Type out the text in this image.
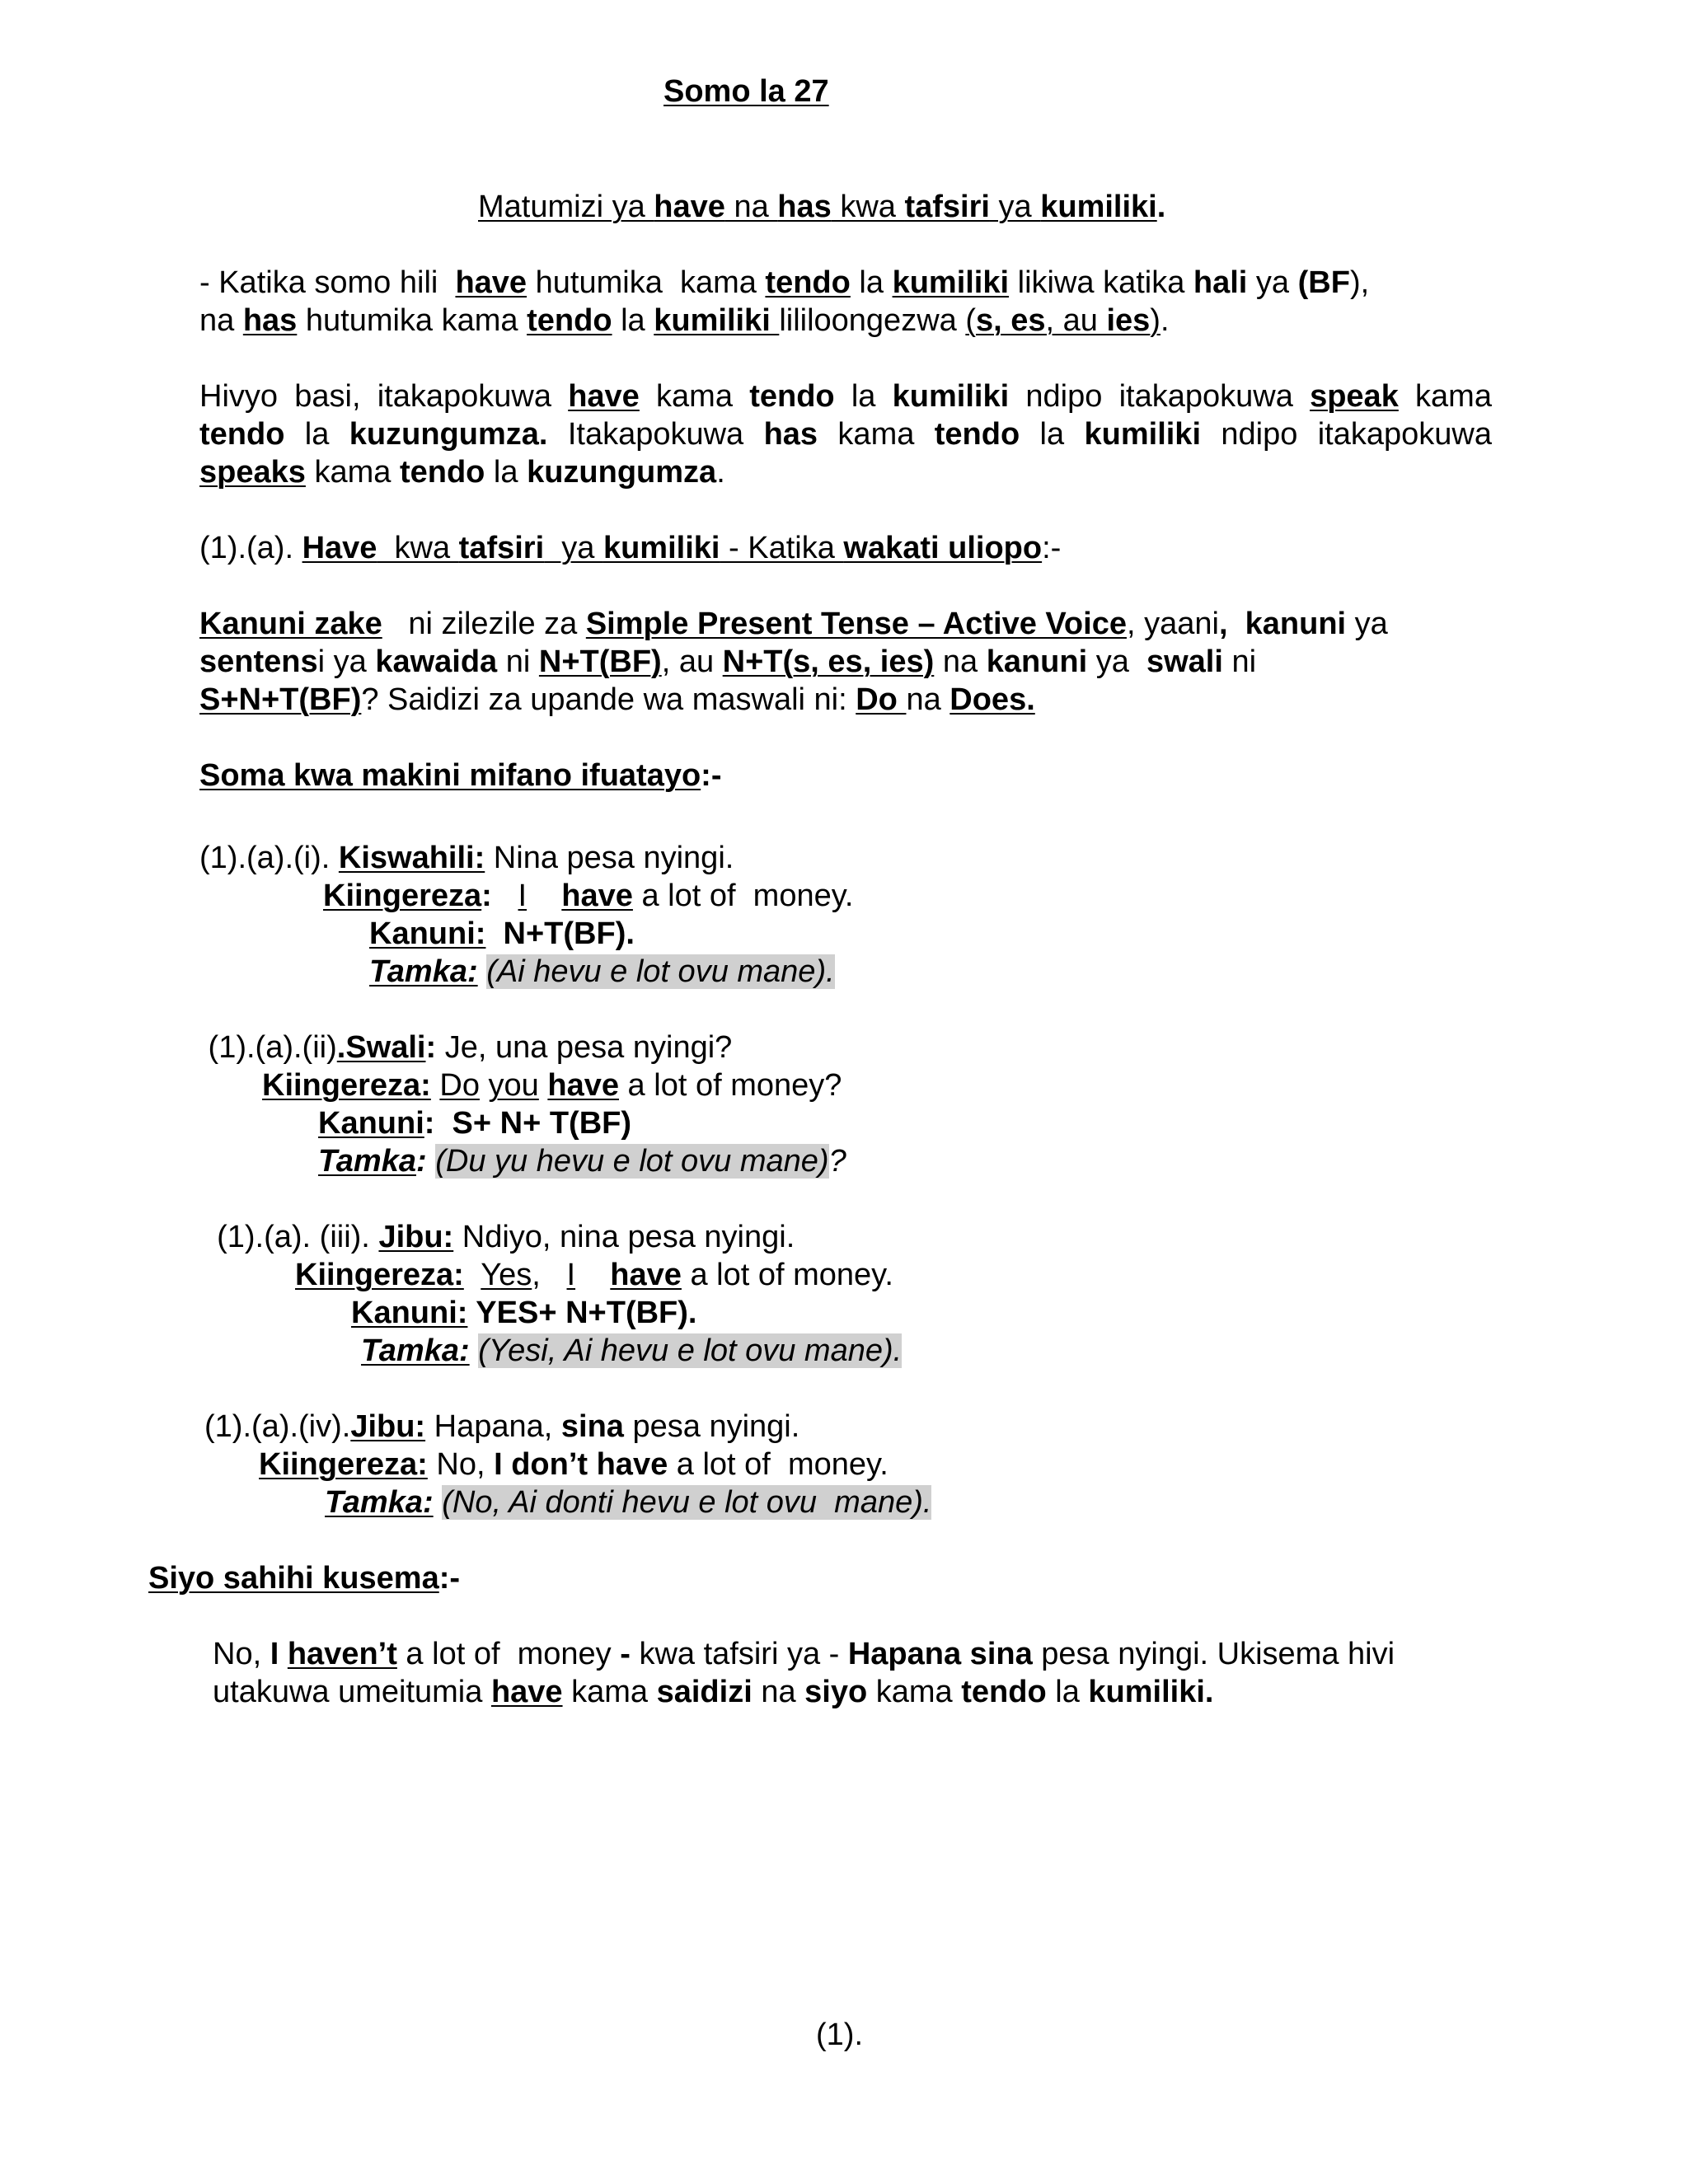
Somo la 27
Matumizi ya have na has kwa tafsiri ya kumiliki.
- Katika somo hili  have hutumika  kama tendo la kumiliki likiwa katika hali ya (BF),
na has hutumika kama tendo la kumiliki lililoongezwa (s, es, au ies).
Hivyo basi, itakapokuwa have kama tendo la kumiliki ndipo itakapokuwa speak kama
tendo la kuzungumza. Itakapokuwa has kama tendo la kumiliki ndipo itakapokuwa
speaks kama tendo la kuzungumza.
(1).(a). Have  kwa tafsiri  ya kumiliki - Katika wakati uliopo:-
Kanuni zake   ni zilezile za Simple Present Tense – Active Voice, yaani, kanuni ya
sentensi ya kawaida ni N+T(BF), au N+T(s, es, ies) na kanuni ya  swali ni
S+N+T(BF)? Saidizi za upande wa maswali ni: Do na Does.
Soma kwa makini mifano ifuatayo:-
(1).(a).(i). Kiswahili: Nina pesa nyingi.
Kiingereza:   I have a lot of  money.
Kanuni:  N+T(BF).
Tamka: (Ai hevu e lot ovu mane).
(1).(a).(ii).Swali: Je, una pesa nyingi?
Kiingereza: Do you have a lot of money?
Kanuni:  S+ N+ T(BF)
Tamka: (Du yu hevu e lot ovu mane)?
(1).(a). (iii). Jibu: Ndiyo, nina pesa nyingi.
Kiingereza: Yes,   I have a lot of money.
Kanuni: YES+ N+T(BF).
Tamka: (Yesi, Ai hevu e lot ovu mane).
(1).(a).(iv).Jibu: Hapana, sina pesa nyingi.
Kiingereza: No, I don’t have a lot of  money.
Tamka: (No, Ai donti hevu e lot ovu  mane).
Siyo sahihi kusema:-
No, I haven’t a lot of  money - kwa tafsiri ya - Hapana sina pesa nyingi. Ukisema hivi
utakuwa umeitumia have kama saidizi na siyo kama tendo la kumiliki.
(1).
